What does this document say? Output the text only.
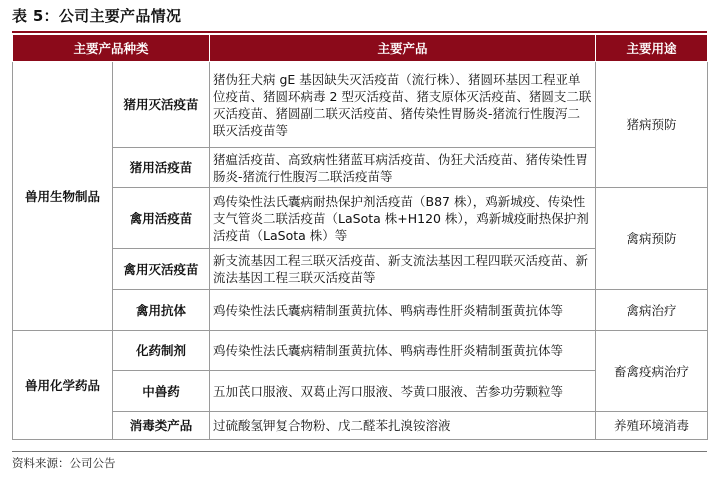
表 5：公司主要产品情况
主要产品种类		主要产品	主要用途
兽用生物制品	猪用灭活疫苗	猪伪狂犬病 gE 基因缺失灭活疫苗（流行株）、猪圆环基因工程亚单位疫苗、猪圆环病毒 2 型灭活疫苗、猪支原体灭活疫苗、猪圆支二联灭活疫苗、猪圆副二联灭活疫苗、猪传染性胃肠炎-猪流行性腹泻二联灭活疫苗等	猪病预防
	猪用活疫苗	猪瘟活疫苗、高致病性猪蓝耳病活疫苗、伪狂犬活疫苗、猪传染性胃肠炎-猪流行性腹泻二联活疫苗等	
	禽用活疫苗	鸡传染性法氏囊病耐热保护剂活疫苗（B87 株），鸡新城疫、传染性支气管炎二联活疫苗（LaSota 株+H120 株），鸡新城疫耐热保护剂活疫苗（LaSota 株）等	禽病预防
	禽用灭活疫苗	新支流基因工程三联灭活疫苗、新支流法基因工程四联灭活疫苗、新流法基因工程三联灭活疫苗等	
	禽用抗体	鸡传染性法氏囊病精制蛋黄抗体、鸭病毒性肝炎精制蛋黄抗体等	禽病治疗
兽用化学药品	化药制剂	鸡传染性法氏囊病精制蛋黄抗体、鸭病毒性肝炎精制蛋黄抗体等	畜禽疫病治疗
	中兽药	五加芪口服液、双葛止泻口服液、芩黄口服液、苦参功劳颗粒等	
	消毒类产品	过硫酸氢钾复合物粉、戊二醛苯扎溴铵溶液	养殖环境消毒
资料来源：公司公告
